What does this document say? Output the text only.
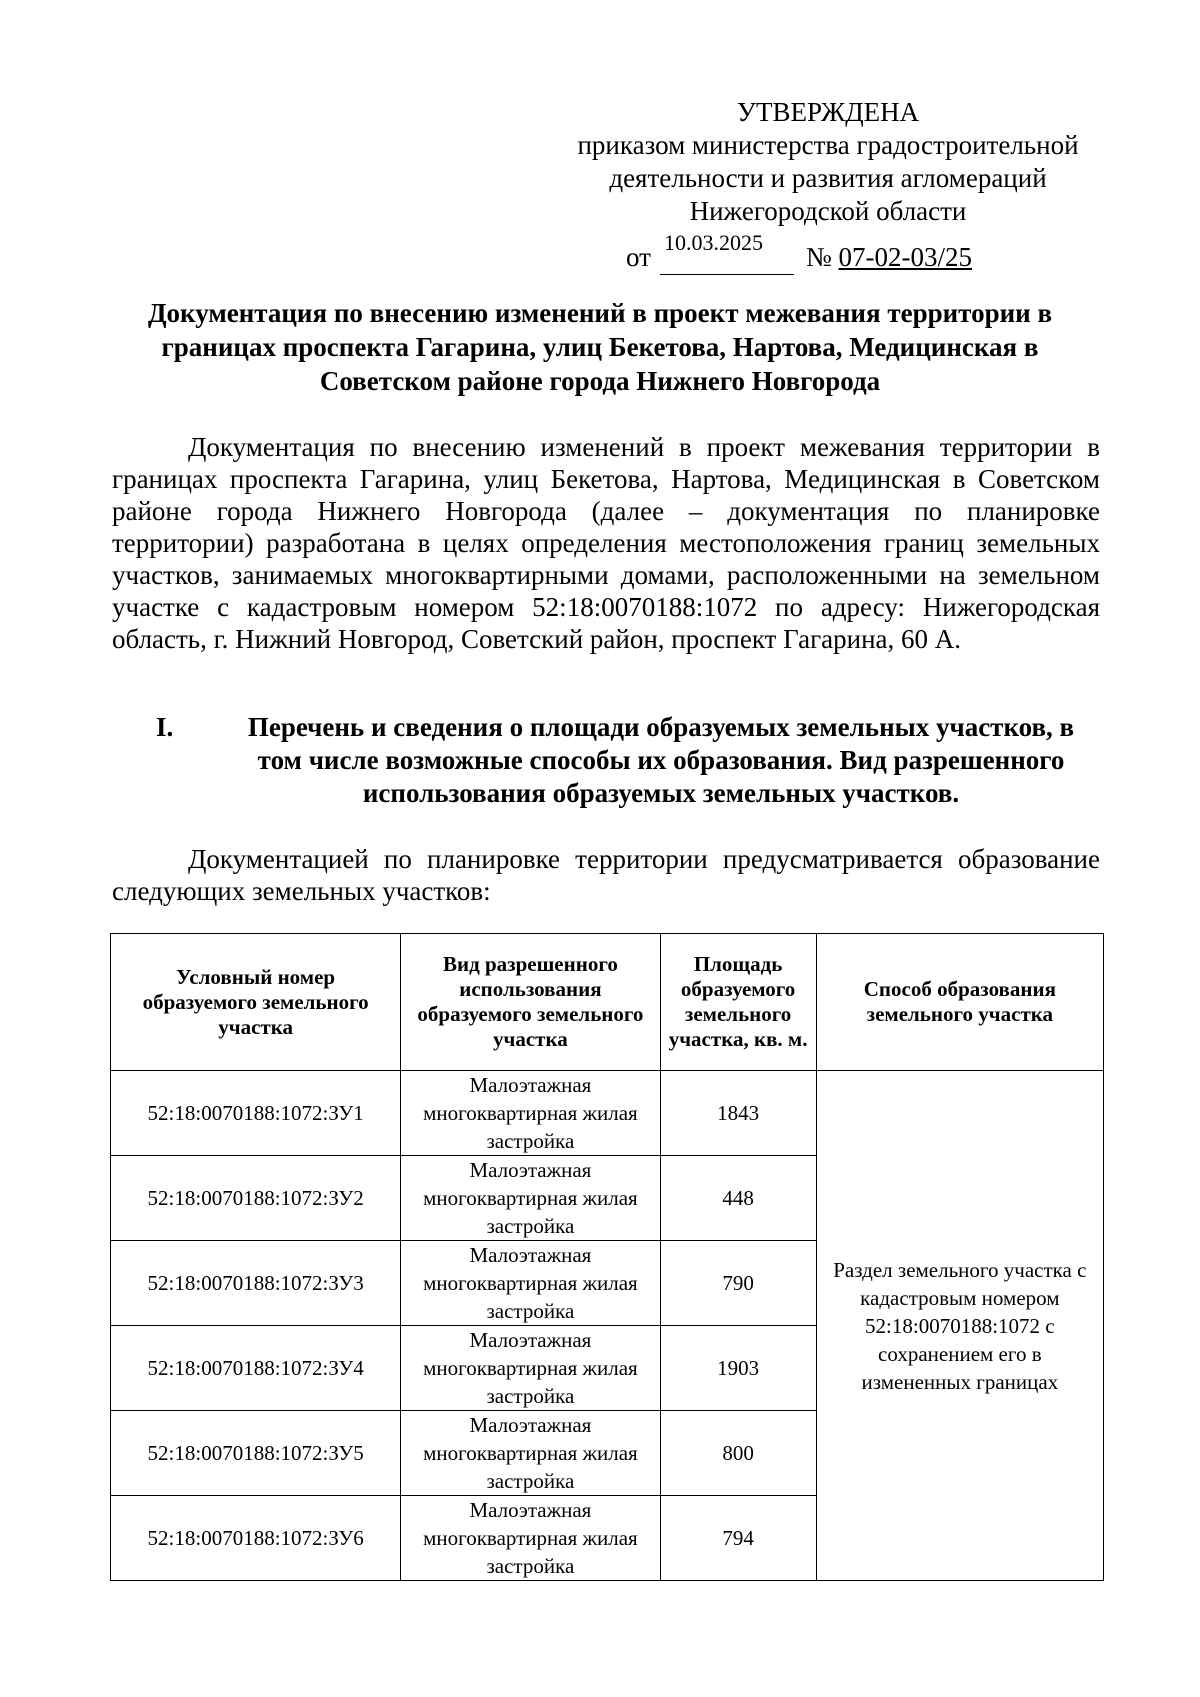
УТВЕРЖДЕНА
приказом министерства градостроительной
деятельности и развития агломераций
Нижегородской области
от 10.03.2025 № 07-02-03/25
Документация по внесению изменений в проект межевания территории в
границах проспекта Гагарина, улиц Бекетова, Нартова, Медицинская в
Советском районе города Нижнего Новгорода

Документация по внесению изменений в проект межевания территории в границах проспекта Гагарина, улиц Бекетова, Нартова, Медицинская в Советском районе города Нижнего Новгорода (далее – документация по планировке территории) разработана в целях определения местоположения границ земельных участков, занимаемых многоквартирными домами, расположенными на земельном участке с кадастровым номером 52:18:0070188:1072 по адресу: Нижегородская область, г. Нижний Новгород, Советский район, проспект Гагарина, 60 А.

I.	Перечень и сведения о площади образуемых земельных участков, в
том числе возможные способы их образования. Вид разрешенного
использования образуемых земельных участков.

Документацией по планировке территории предусматривается образование следующих земельных участков:

Условный номер образуемого земельного участка	Вид разрешенного использования образуемого земельного участка	Площадь образуемого земельного участка, кв. м.	Способ образования земельного участка
52:18:0070188:1072:ЗУ1	Малоэтажная многоквартирная жилая застройка	1843	Раздел земельного участка с кадастровым номером 52:18:0070188:1072 с сохранением его в измененных границах
52:18:0070188:1072:ЗУ2	Малоэтажная многоквартирная жилая застройка	448	
52:18:0070188:1072:ЗУ3	Малоэтажная многоквартирная жилая застройка	790	
52:18:0070188:1072:ЗУ4	Малоэтажная многоквартирная жилая застройка	1903	
52:18:0070188:1072:ЗУ5	Малоэтажная многоквартирная жилая застройка	800	
52:18:0070188:1072:ЗУ6	Малоэтажная многоквартирная жилая застройка	794	
